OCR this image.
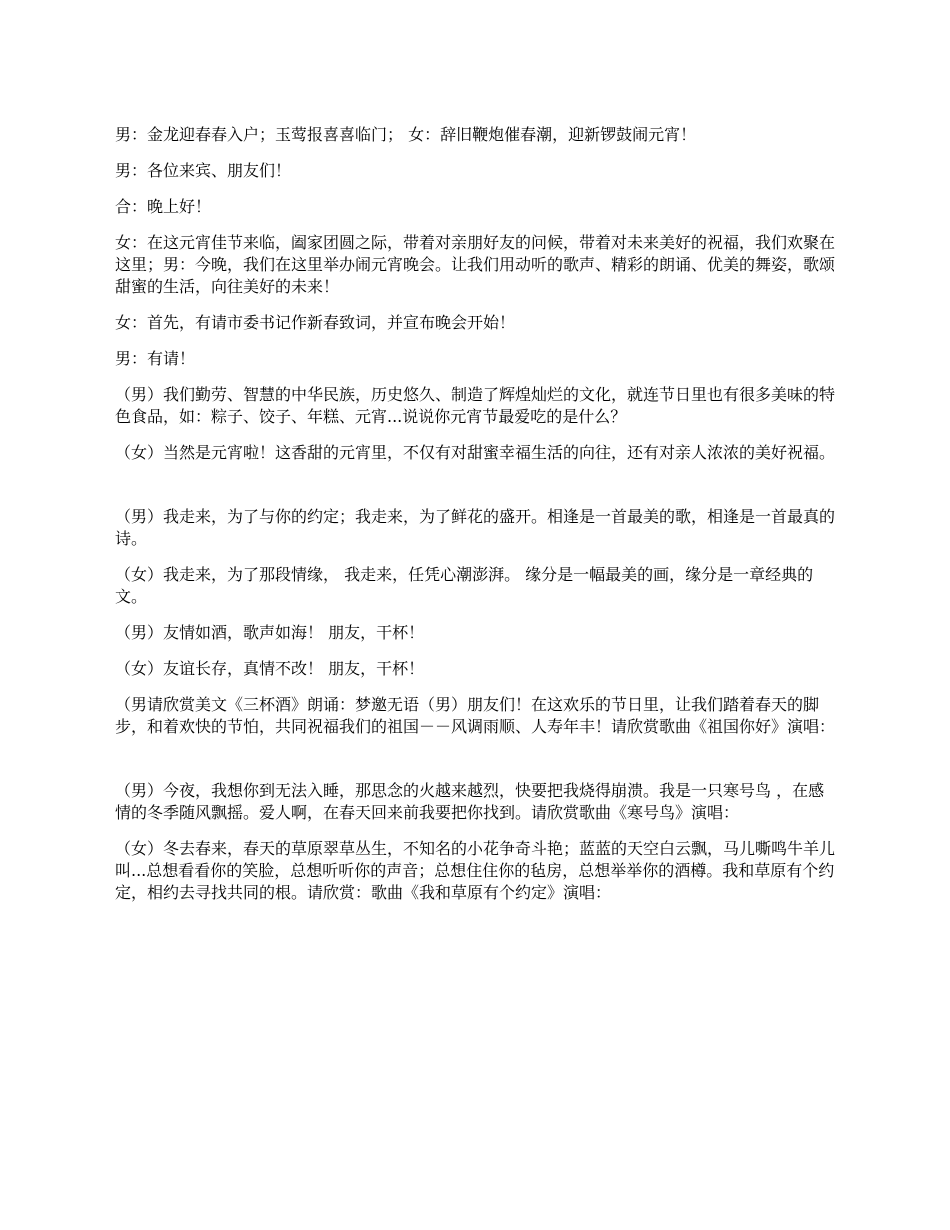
男：金龙迎春春入户；玉莺报喜喜临门； 女：辞旧鞭炮催春潮，迎新锣鼓闹元宵！

男：各位来宾、朋友们！

合：晚上好！

女：在这元宵佳节来临，阖家团圆之际，带着对亲朋好友的问候，带着对未来美好的祝福，我们欢聚在这里；男：今晚，我们在这里举办闹元宵晚会。让我们用动听的歌声、精彩的朗诵、优美的舞姿，歌颂甜蜜的生活，向往美好的未来！

女：首先，有请市委书记作新春致词，并宣布晚会开始！

男：有请！

（男）我们勤劳、智慧的中华民族，历史悠久、制造了辉煌灿烂的文化，就连节日里也有很多美味的特色食品，如：粽子、饺子、年糕、元宵...说说你元宵节最爱吃的是什么？

（女）当然是元宵啦！这香甜的元宵里，不仅有对甜蜜幸福生活的向往，还有对亲人浓浓的美好祝福。

（男）我走来，为了与你的约定；我走来，为了鲜花的盛开。相逢是一首最美的歌，相逢是一首最真的诗。

（女）我走来，为了那段情缘， 我走来，任凭心潮澎湃。 缘分是一幅最美的画，缘分是一章经典的文。

（男）友情如酒，歌声如海！ 朋友，干杯！

（女）友谊长存，真情不改！ 朋友，干杯！

（男请欣赏美文《三杯酒》朗诵：梦邀无语（男）朋友们！在这欢乐的节日里，让我们踏着春天的脚步，和着欢快的节怕，共同祝福我们的祖国－－风调雨顺、人寿年丰！请欣赏歌曲《祖国你好》演唱：

（男）今夜，我想你到无法入睡，那思念的火越来越烈，快要把我烧得崩溃。我是一只寒号鸟 ，在感情的冬季随风飘摇。爱人啊，在春天回来前我要把你找到。请欣赏歌曲《寒号鸟》演唱：

（女）冬去春来，春天的草原翠草丛生，不知名的小花争奇斗艳；蓝蓝的天空白云飘，马儿嘶鸣牛羊儿叫...总想看看你的笑脸，总想听听你的声音；总想住住你的毡房，总想举举你的酒樽。我和草原有个约定，相约去寻找共同的根。请欣赏：歌曲《我和草原有个约定》演唱：
